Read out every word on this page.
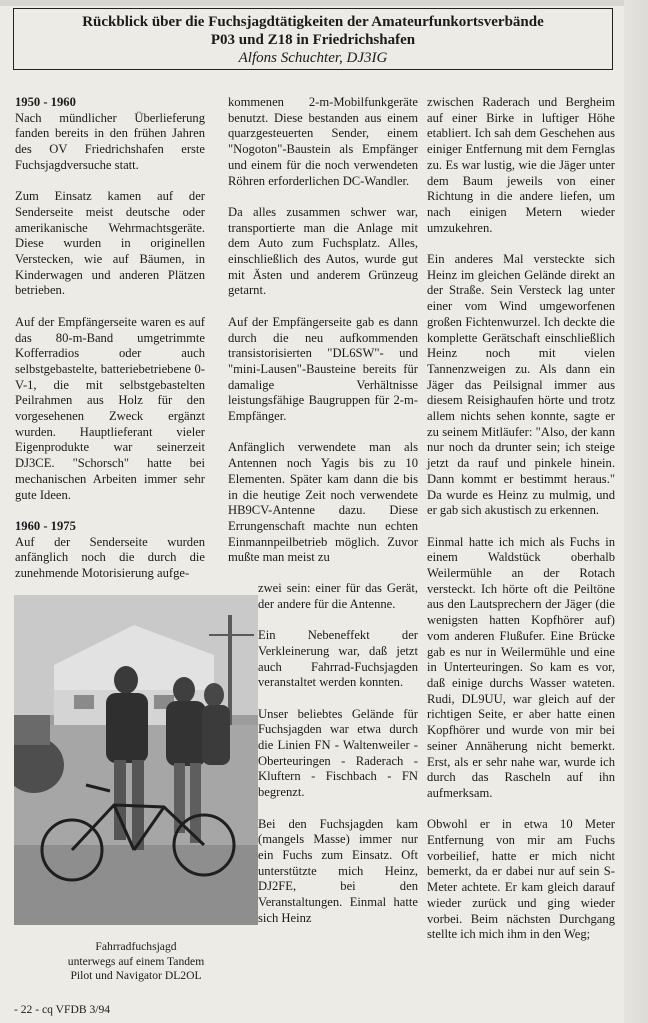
Rückblick über die Fuchsjagdtätigkeiten der Amateurfunkortsverbände

P03 und Z18 in Friedrichshafen

Alfons Schuchter, DJ3IG

1950 - 1960

Nach mündlicher Überlieferung fanden bereits in den frühen Jahren des OV Friedrichshafen erste Fuchsjagdversuche statt.

Zum Einsatz kamen auf der Senderseite meist deutsche oder amerikanische Wehrmachtsgeräte. Diese wurden in originellen Verstecken, wie auf Bäumen, in Kinderwagen und anderen Plätzen betrieben.

Auf der Empfängerseite waren es auf das 80-m-Band umgetrimmte Kofferradios oder auch selbstgebastelte, batteriebetriebene 0-V-1, die mit selbstgebastelten Peilrahmen aus Holz für den vorgesehenen Zweck ergänzt wurden. Hauptlieferant vieler Eigenprodukte war seinerzeit DJ3CE. "Schorsch" hatte bei mechanischen Arbeiten immer sehr gute Ideen.

1960 - 1975

Auf der Senderseite wurden anfänglich noch die durch die zunehmende Motorisierung aufge-

kommenen 2-m-Mobilfunkgeräte benutzt. Diese bestanden aus einem quarzgesteuerten Sender, einem "Nogoton"-Baustein als Empfänger und einem für die noch verwendeten Röhren erforderlichen DC-Wandler.

Da alles zusammen schwer war, transportierte man die Anlage mit dem Auto zum Fuchsplatz. Alles, einschließlich des Autos, wurde gut mit Ästen und anderem Grünzeug getarnt.

Auf der Empfängerseite gab es dann durch die neu aufkommenden transistorisierten "DL6SW"- und "mini-Lausen"-Bausteine bereits für damalige Verhältnisse leistungsfähige Baugruppen für 2-m-Empfänger.

Anfänglich verwendete man als Antennen noch Yagis bis zu 10 Elementen. Später kam dann die bis in die heutige Zeit noch verwendete HB9CV-Antenne dazu. Diese Errungenschaft machte nun echten Einmannpeilbetrieb möglich. Zuvor mußte man meist zu

zwei sein: einer für das Gerät, der andere für die Antenne.

Ein Nebeneffekt der Verkleinerung war, daß jetzt auch Fahrrad-Fuchsjagden veranstaltet werden konnten.

Unser beliebtes Gelände für Fuchsjagden war etwa durch die Linien FN - Waltenweiler - Oberteuringen - Raderach - Kluftern - Fischbach - FN begrenzt.

Bei den Fuchsjagden kam (mangels Masse) immer nur ein Fuchs zum Einsatz. Oft unterstützte mich Heinz, DJ2FE, bei den Veranstaltungen. Einmal hatte sich Heinz

zwischen Raderach und Bergheim auf einer Birke in luftiger Höhe etabliert. Ich sah dem Geschehen aus einiger Entfernung mit dem Fernglas zu. Es war lustig, wie die Jäger unter dem Baum jeweils von einer Richtung in die andere liefen, um nach einigen Metern wieder umzukehren.

Ein anderes Mal versteckte sich Heinz im gleichen Gelände direkt an der Straße. Sein Versteck lag unter einer vom Wind umgeworfenen großen Fichtenwurzel. Ich deckte die komplette Gerätschaft einschließlich Heinz noch mit vielen Tannenzweigen zu. Als dann ein Jäger das Peilsignal immer aus diesem Reisighaufen hörte und trotz allem nichts sehen konnte, sagte er zu seinem Mitläufer: "Also, der kann nur noch da drunter sein; ich steige jetzt da rauf und pinkele hinein. Dann kommt er bestimmt heraus." Da wurde es Heinz zu mulmig, und er gab sich akustisch zu erkennen.

Einmal hatte ich mich als Fuchs in einem Waldstück oberhalb Weilermühle an der Rotach versteckt. Ich hörte oft die Peiltöne aus den Lautsprechern der Jäger (die wenigsten hatten Kopfhörer auf) vom anderen Flußufer. Eine Brücke gab es nur in Weilermühle und eine in Unterteuringen. So kam es vor, daß einige durchs Wasser wateten. Rudi, DL9UU, war gleich auf der richtigen Seite, er aber hatte einen Kopfhörer und wurde von mir bei seiner Annäherung nicht bemerkt. Erst, als er sehr nahe war, wurde ich durch das Rascheln auf ihn aufmerksam.

Obwohl er in etwa 10 Meter Entfernung von mir am Fuchs vorbeilief, hatte er mich nicht bemerkt, da er dabei nur auf sein S-Meter achtete. Er kam gleich darauf wieder zurück und ging wieder vorbei. Beim nächsten Durchgang stellte ich mich ihm in den Weg;

Fahrradfuchsjagd
unterwegs auf einem Tandem
Pilot und Navigator DL2OL
- 22 - cq VFDB 3/94
